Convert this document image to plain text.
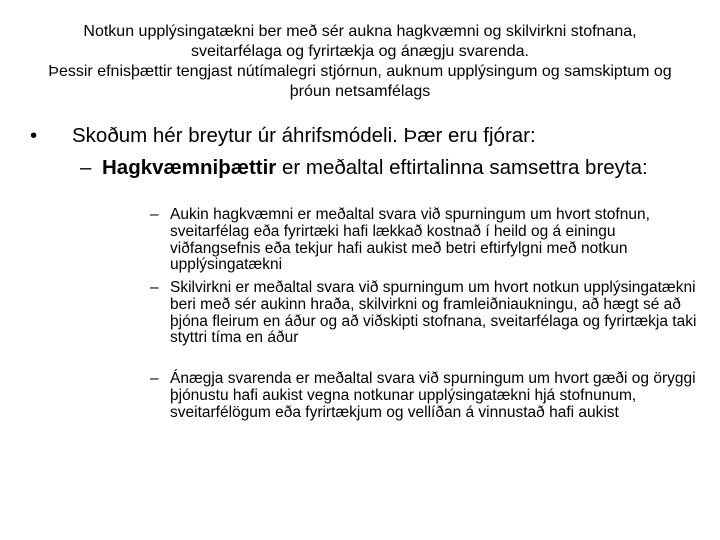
Notkun upplýsingatækni ber með sér aukna hagkvæmni og skilvirkni stofnana, sveitarfélaga og fyrirtækja og ánægju svarenda.

Þessir efnisþættir tengjast nútímalegri stjórnun, auknum upplýsingum og samskiptum og þróun netsamfélags

• Skoðum hér breytur úr áhrifsmódeli. Þær eru fjórar:
– Hagkvæmniþættir er meðaltal eftirtalinna samsettra breyta:
– Aukin hagkvæmni er meðaltal svara við spurningum um hvort stofnun, sveitarfélag eða fyrirtæki hafi lækkað kostnað í heild og á einingu viðfangsefnis eða tekjur hafi aukist með betri eftirfylgni með notkun upplýsingatækni
– Skilvirkni er meðaltal svara við spurningum um hvort notkun upplýsingatækni beri með sér aukinn hraða, skilvirkni og framleiðniaukningu, að hægt sé að þjóna fleirum en áður og að viðskipti stofnana, sveitarfélaga og fyrirtækja taki styttri tíma en áður
– Ánægja svarenda er meðaltal svara við spurningum um hvort gæði og öryggi þjónustu hafi aukist vegna notkunar upplýsingatækni hjá stofnunum, sveitarfélögum eða fyrirtækjum og vellíðan á vinnustað hafi aukist
